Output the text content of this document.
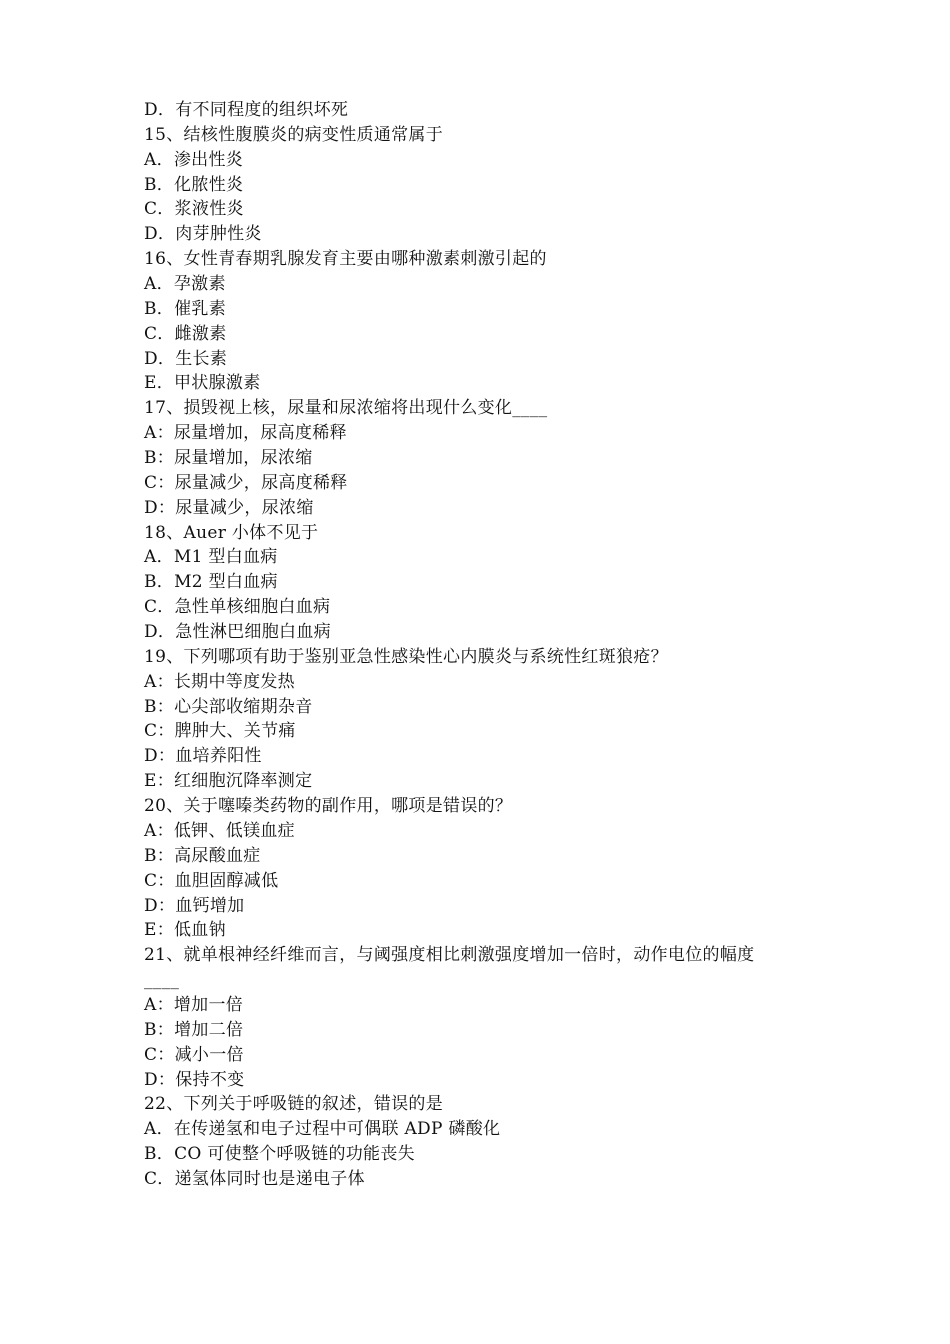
D．有不同程度的组织坏死
15、结核性腹膜炎的病变性质通常属于
A．渗出性炎
B．化脓性炎
C．浆液性炎
D．肉芽肿性炎
16、女性青春期乳腺发育主要由哪种激素刺激引起的
A．孕激素
B．催乳素
C．雌激素
D．生长素
E．甲状腺激素
17、损毁视上核，尿量和尿浓缩将出现什么变化____
A：尿量增加，尿高度稀释
B：尿量增加，尿浓缩
C：尿量减少，尿高度稀释
D：尿量减少，尿浓缩
18、Auer 小体不见于
A．M1 型白血病
B．M2 型白血病
C．急性单核细胞白血病
D．急性淋巴细胞白血病
19、下列哪项有助于鉴别亚急性感染性心内膜炎与系统性红斑狼疮？
A：长期中等度发热
B：心尖部收缩期杂音
C：脾肿大、关节痛
D：血培养阳性
E：红细胞沉降率测定
20、关于噻嗪类药物的副作用，哪项是错误的？
A：低钾、低镁血症
B：高尿酸血症
C：血胆固醇减低
D：血钙增加
E：低血钠
21、就单根神经纤维而言，与阈强度相比刺激强度增加一倍时，动作电位的幅度
____
A：增加一倍
B：增加二倍
C：减小一倍
D：保持不变
22、下列关于呼吸链的叙述，错误的是
A．在传递氢和电子过程中可偶联 ADP 磷酸化
B．CO 可使整个呼吸链的功能丧失
C．递氢体同时也是递电子体
